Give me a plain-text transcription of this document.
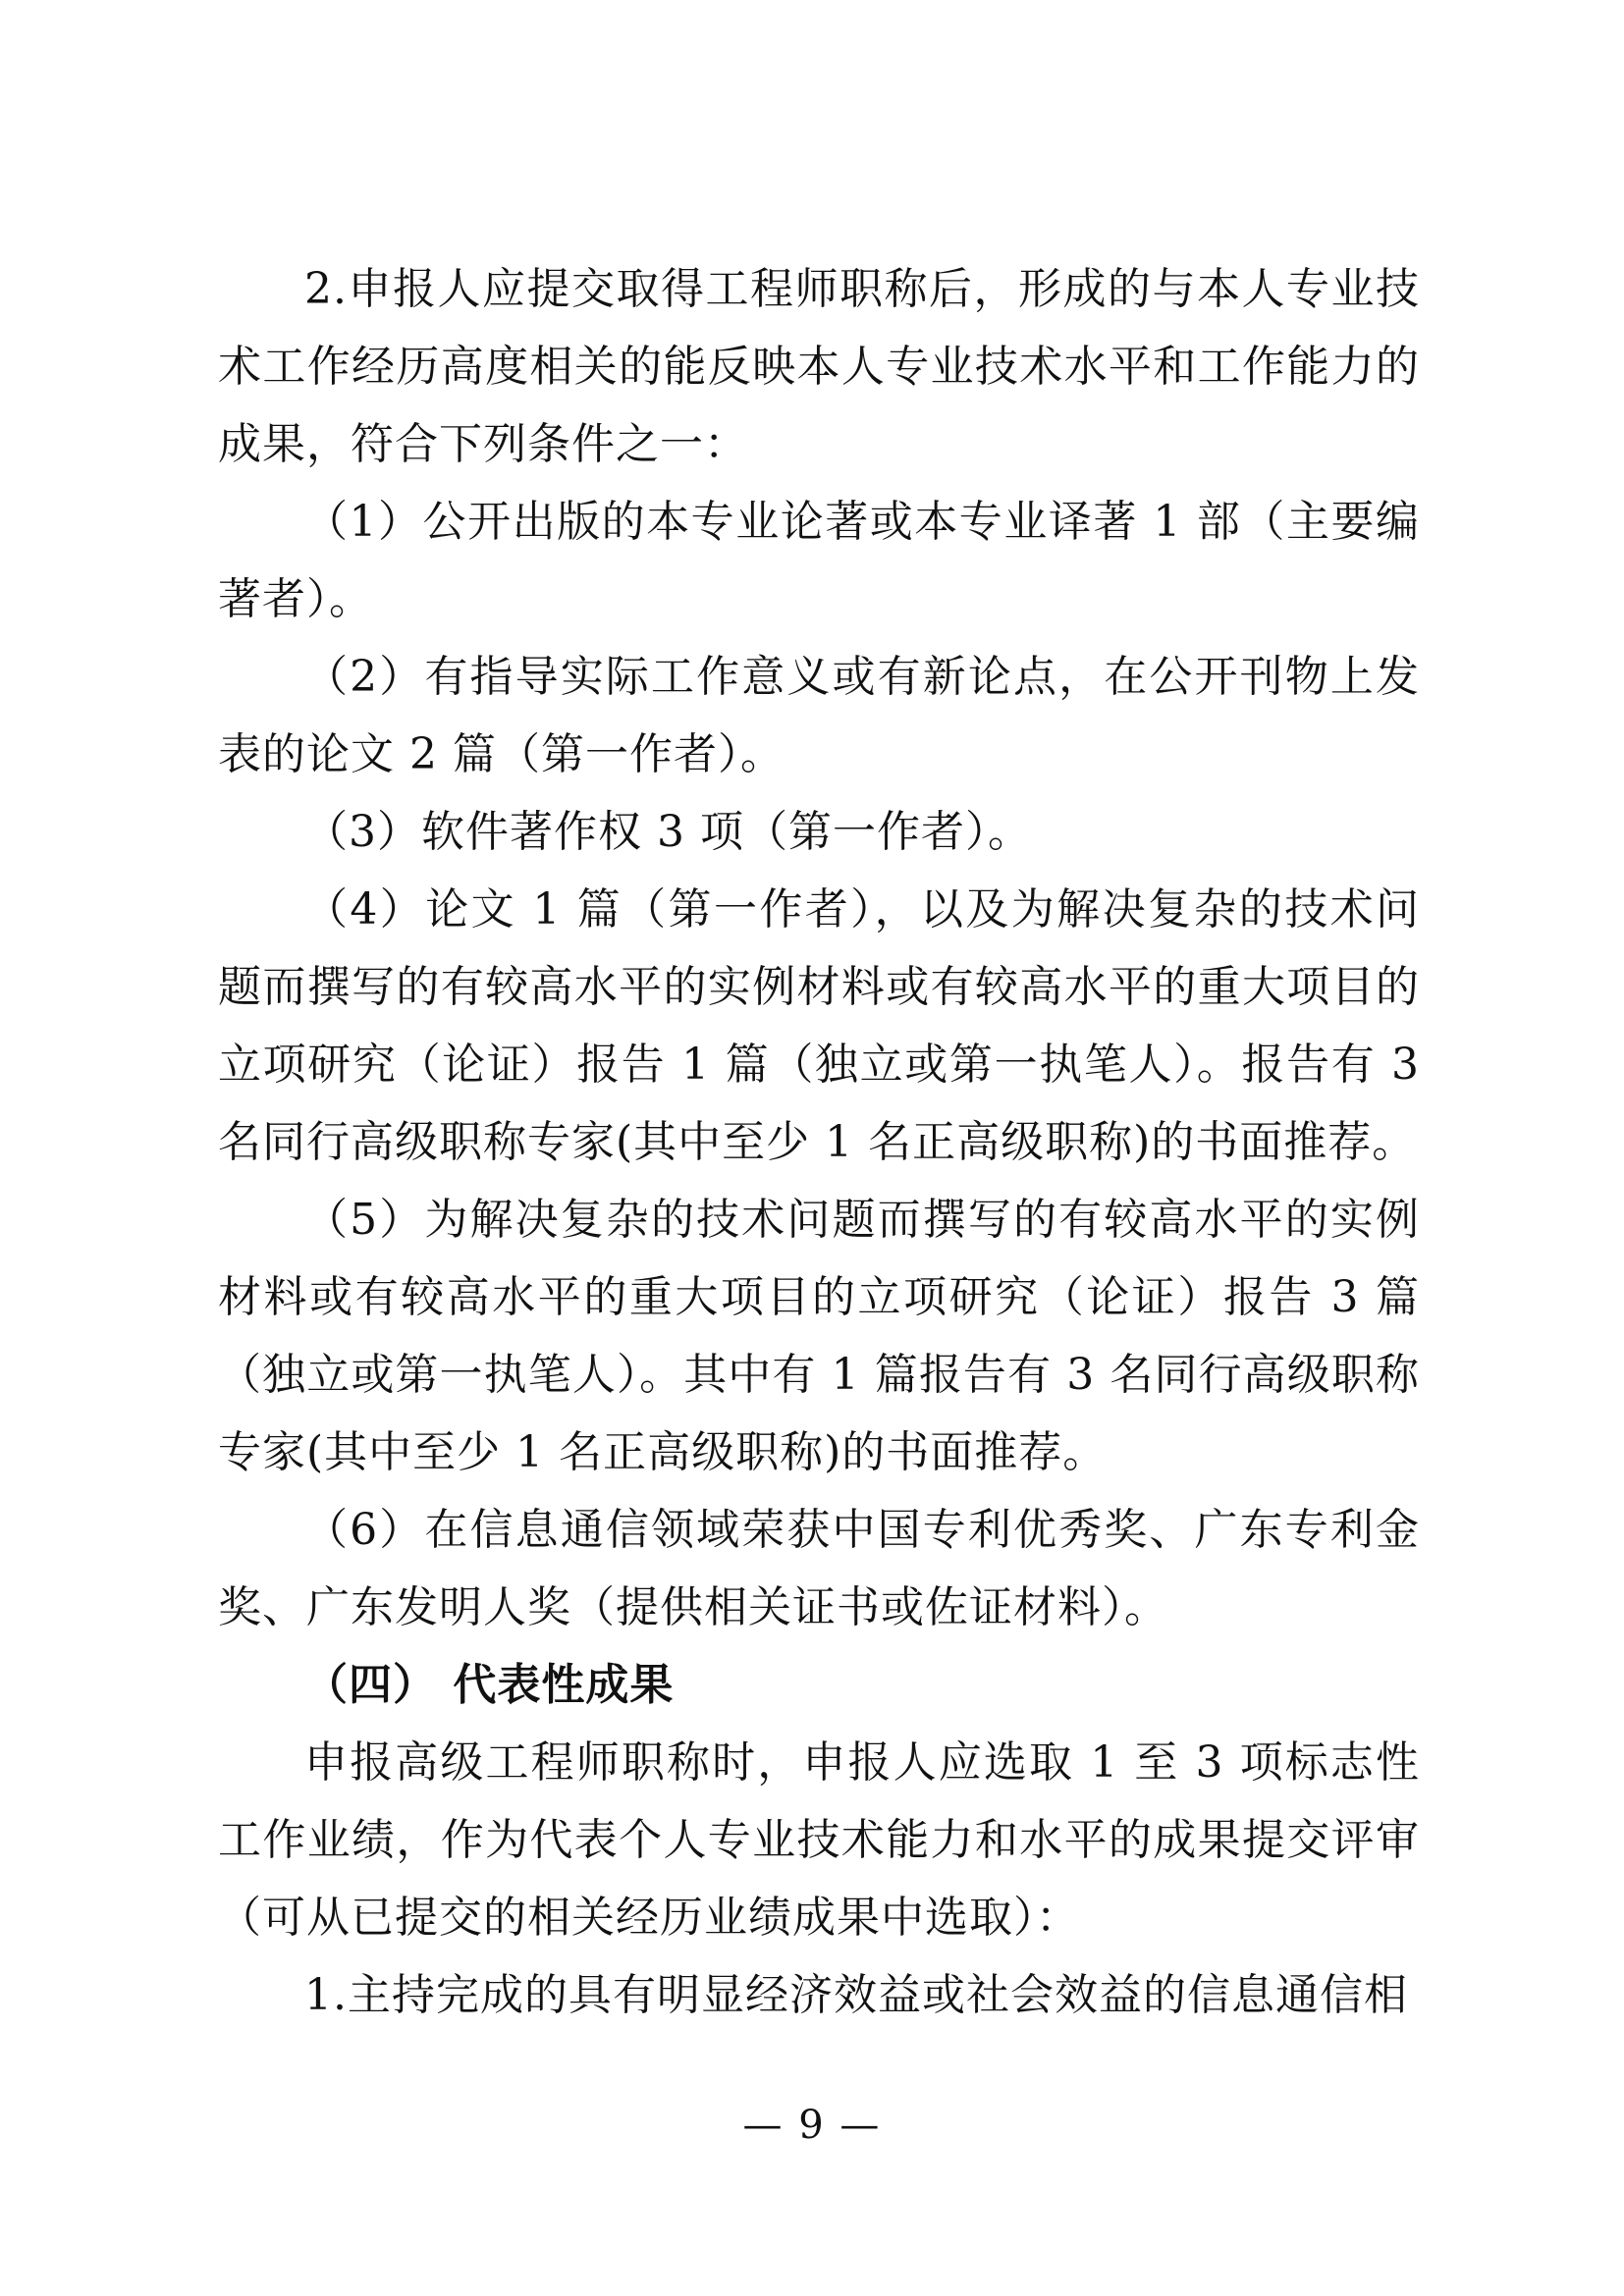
2.申报人应提交取得工程师职称后，形成的与本人专业技术工作经历高度相关的能反映本人专业技术水平和工作能力的成果，符合下列条件之一：

（1）公开出版的本专业论著或本专业译著 1 部（主要编著者）。

（2）有指导实际工作意义或有新论点，在公开刊物上发表的论文 2 篇（第一作者）。

（3）软件著作权 3 项（第一作者）。

（4）论文 1 篇（第一作者），以及为解决复杂的技术问题而撰写的有较高水平的实例材料或有较高水平的重大项目的立项研究（论证）报告 1 篇（独立或第一执笔人）。报告有 3 名同行高级职称专家(其中至少 1 名正高级职称)的书面推荐。

（5）为解决复杂的技术问题而撰写的有较高水平的实例材料或有较高水平的重大项目的立项研究（论证）报告 3 篇（独立或第一执笔人）。其中有 1 篇报告有 3 名同行高级职称专家(其中至少 1 名正高级职称)的书面推荐。

（6）在信息通信领域荣获中国专利优秀奖、广东专利金奖、广东发明人奖（提供相关证书或佐证材料）。

（四） 代表性成果

申报高级工程师职称时，申报人应选取 1 至 3 项标志性工作业绩，作为代表个人专业技术能力和水平的成果提交评审（可从已提交的相关经历业绩成果中选取）：

1.主持完成的具有明显经济效益或社会效益的信息通信相

— 9 —
